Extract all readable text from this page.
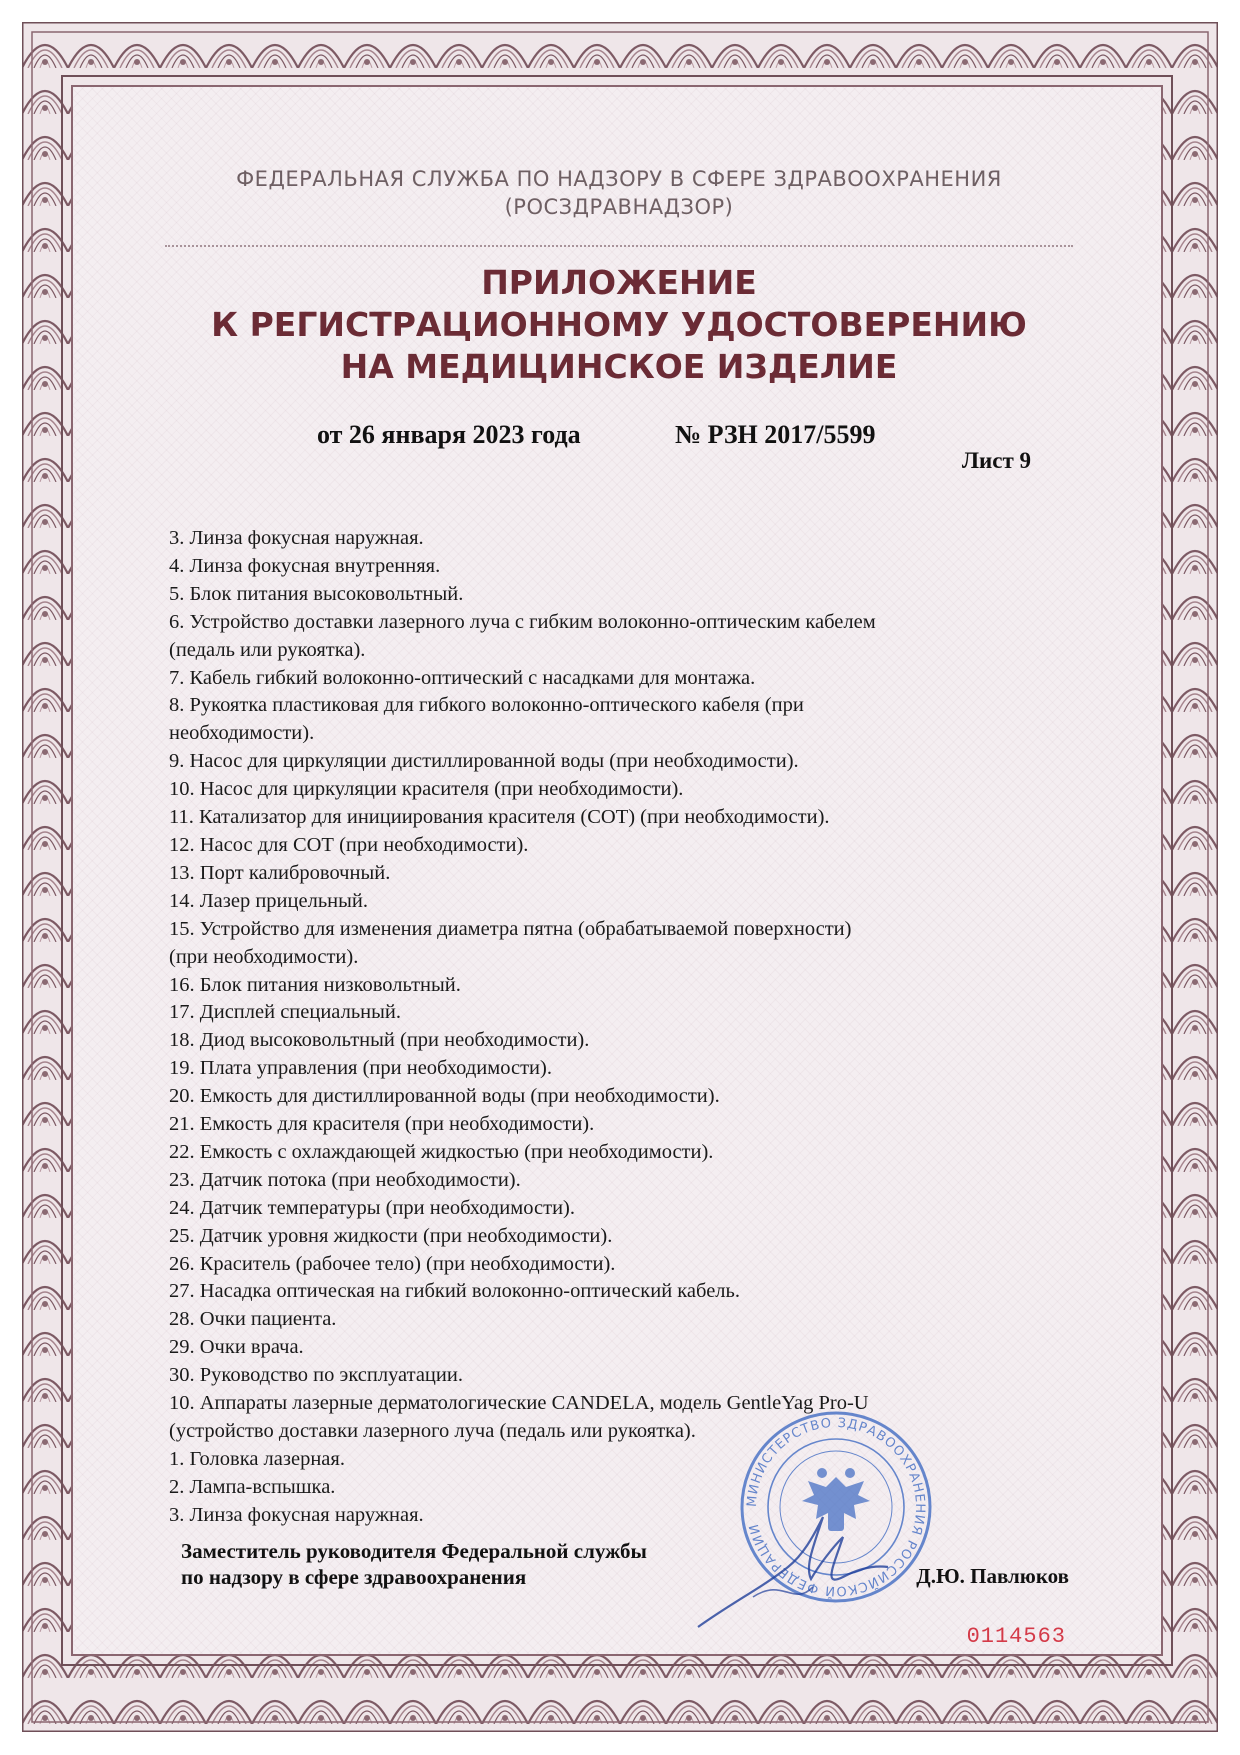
ФЕДЕРАЛЬНАЯ СЛУЖБА ПО НАДЗОРУ В СФЕРЕ ЗДРАВООХРАНЕНИЯ
(РОСЗДРАВНАДЗОР)
ПРИЛОЖЕНИЕ
К РЕГИСТРАЦИОННОМУ УДОСТОВЕРЕНИЮ
НА МЕДИЦИНСКОЕ ИЗДЕЛИЕ
от 26 января 2023 года	№ РЗН 2017/5599
Лист 9
3. Линза фокусная наружная.
4. Линза фокусная внутренняя.
5. Блок питания высоковольтный.
6. Устройство доставки лазерного луча с гибким волоконно-оптическим кабелем
(педаль или рукоятка).
7. Кабель гибкий волоконно-оптический с насадками для монтажа.
8. Рукоятка пластиковая для гибкого волоконно-оптического кабеля (при
необходимости).
9. Насос для циркуляции дистиллированной воды (при необходимости).
10. Насос для циркуляции красителя (при необходимости).
11. Катализатор для инициирования красителя (СОТ) (при необходимости).
12. Насос для СОТ (при необходимости).
13. Порт калибровочный.
14. Лазер прицельный.
15. Устройство для изменения диаметра пятна (обрабатываемой поверхности)
(при необходимости).
16. Блок питания низковольтный.
17. Дисплей специальный.
18. Диод высоковольтный (при необходимости).
19. Плата управления (при необходимости).
20. Емкость для дистиллированной воды (при необходимости).
21. Емкость для красителя (при необходимости).
22. Емкость с охлаждающей жидкостью (при необходимости).
23. Датчик потока (при необходимости).
24. Датчик температуры (при необходимости).
25. Датчик уровня жидкости (при необходимости).
26. Краситель (рабочее тело) (при необходимости).
27. Насадка оптическая на гибкий волоконно-оптический кабель.
28. Очки пациента.
29. Очки врача.
30. Руководство по эксплуатации.
10. Аппараты лазерные дерматологические CANDELA, модель GentleYag Pro-U
(устройство доставки лазерного луча (педаль или рукоятка).
1. Головка лазерная.
2. Лампа-вспышка.
3. Линза фокусная наружная.
Заместитель руководителя Федеральной службы
по надзору в сфере здравоохранения	Д.Ю. Павлюков
0114563
МИНИСТЕРСТВО ЗДРАВООХРАНЕНИЯ РОССИЙСКОЙ ФЕДЕРАЦИИ
